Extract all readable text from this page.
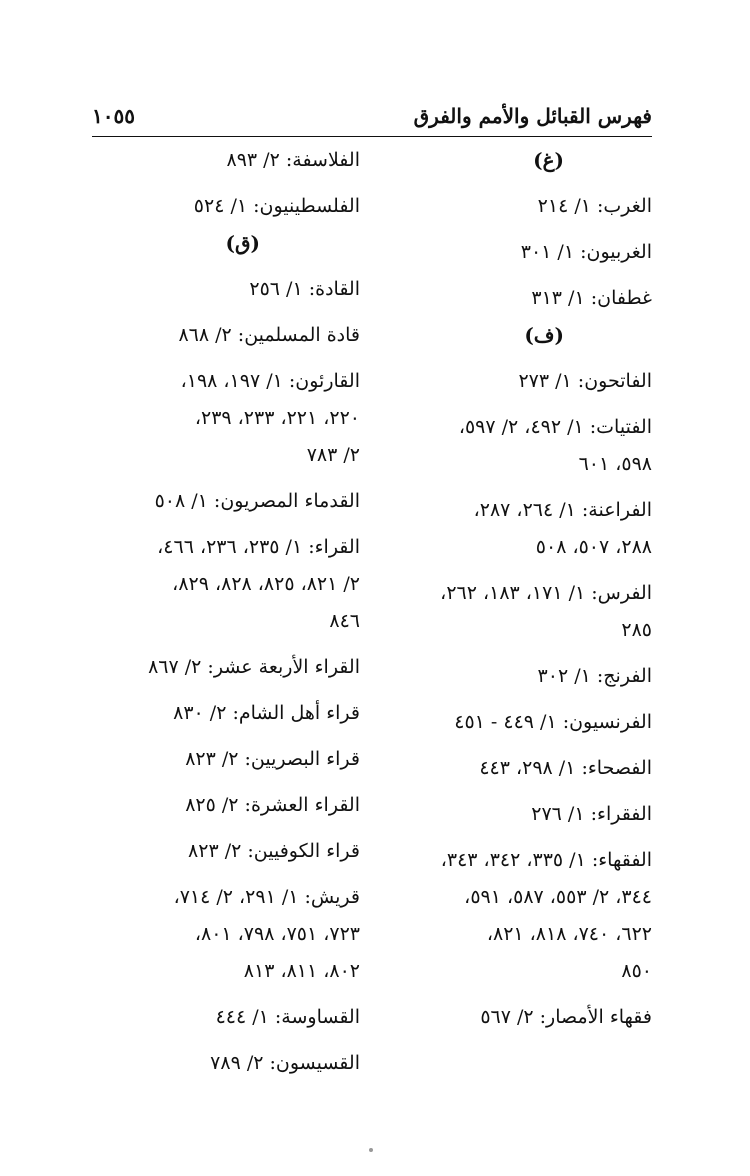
فهرس القبائل والأمم والفرق
١٠٥٥
(غ)
الغرب: ١/ ٢١٤
الغربيون: ١/ ٣٠١
غطفان: ١/ ٣١٣
(ف)
الفاتحون: ١/ ٢٧٣
الفتيات: ١/ ٤٩٢، ٢/ ٥٩٧،
٥٩٨، ٦٠١
الفراعنة: ١/ ٢٦٤، ٢٨٧،
٢٨٨، ٥٠٧، ٥٠٨
الفرس: ١/ ١٧١، ١٨٣، ٢٦٢،
٢٨٥
الفرنج: ١/ ٣٠٢
الفرنسيون: ١/ ٤٤٩ - ٤٥١
الفصحاء: ١/ ٢٩٨، ٤٤٣
الفقراء: ١/ ٢٧٦
الفقهاء: ١/ ٣٣٥، ٣٤٢، ٣٤٣،
٣٤٤، ٢/ ٥٥٣، ٥٨٧، ٥٩١،
٦٢٢، ٧٤٠، ٨١٨، ٨٢١،
٨٥٠
فقهاء الأمصار: ٢/ ٥٦٧
الفلاسفة: ٢/ ٨٩٣
الفلسطينيون: ١/ ٥٢٤
(ق)
القادة: ١/ ٢٥٦
قادة المسلمين: ٢/ ٨٦٨
القارئون: ١/ ١٩٧، ١٩٨،
٢٢٠، ٢٢١، ٢٣٣، ٢٣٩،
٢/ ٧٨٣
القدماء المصريون: ١/ ٥٠٨
القراء: ١/ ٢٣٥، ٢٣٦، ٤٦٦،
٢/ ٨٢١، ٨٢٥، ٨٢٨، ٨٢٩،
٨٤٦
القراء الأربعة عشر: ٢/ ٨٦٧
قراء أهل الشام: ٢/ ٨٣٠
قراء البصريين: ٢/ ٨٢٣
القراء العشرة: ٢/ ٨٢٥
قراء الكوفيين: ٢/ ٨٢٣
قريش: ١/ ٢٩١، ٢/ ٧١٤،
٧٢٣، ٧٥١، ٧٩٨، ٨٠١،
٨٠٢، ٨١١، ٨١٣
القساوسة: ١/ ٤٤٤
القسيسون: ٢/ ٧٨٩
